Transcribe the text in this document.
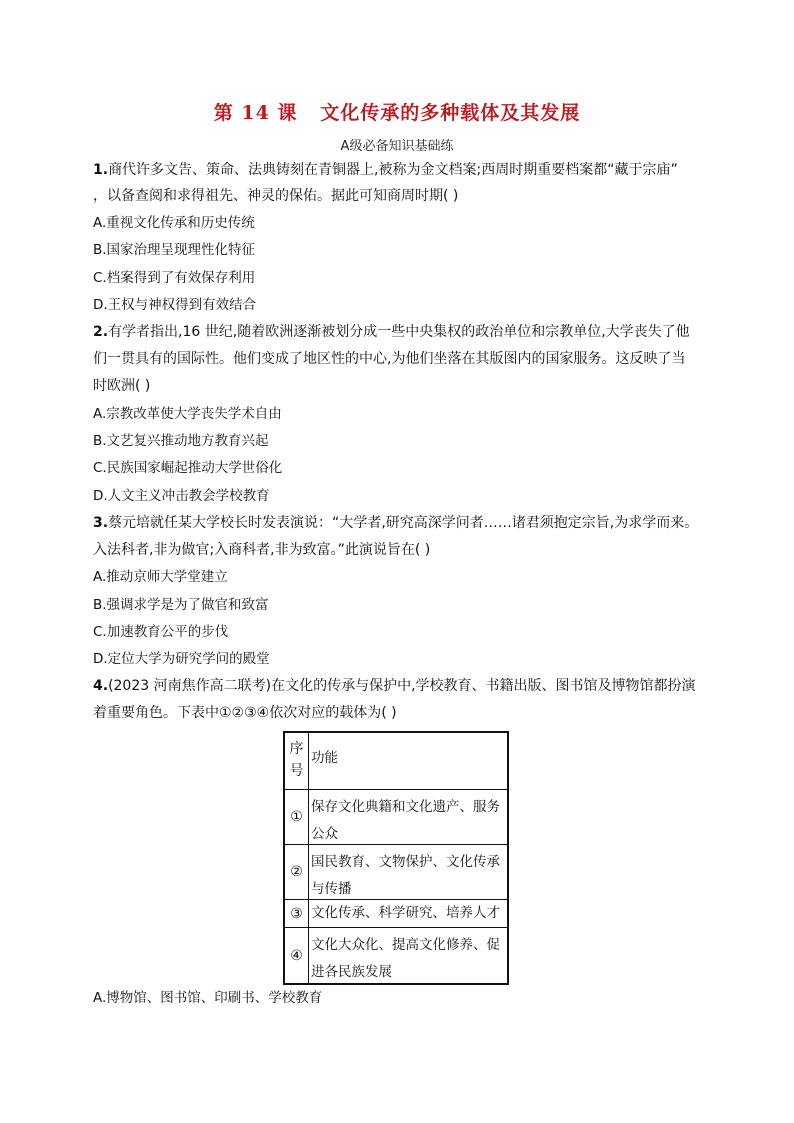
第 14 课   文化传承的多种载体及其发展
A级必备知识基础练
1.商代许多文告、策命、法典铸刻在青铜器上,被称为金文档案;西周时期重要档案都“藏于宗庙”
，以备查阅和求得祖先、神灵的保佑。据此可知商周时期( )
A.重视文化传承和历史传统
B.国家治理呈现理性化特征
C.档案得到了有效保存利用
D.王权与神权得到有效结合
2.有学者指出,16 世纪,随着欧洲逐渐被划分成一些中央集权的政治单位和宗教单位,大学丧失了他
们一贯具有的国际性。他们变成了地区性的中心,为他们坐落在其版图内的国家服务。这反映了当
时欧洲( )
A.宗教改革使大学丧失学术自由
B.文艺复兴推动地方教育兴起
C.民族国家崛起推动大学世俗化
D.人文主义冲击教会学校教育
3.蔡元培就任某大学校长时发表演说：“大学者,研究高深学问者……诸君须抱定宗旨,为求学而来。
入法科者,非为做官;入商科者,非为致富。”此演说旨在( )
A.推动京师大学堂建立
B.强调求学是为了做官和致富
C.加速教育公平的步伐
D.定位大学为研究学问的殿堂
4.(2023 河南焦作高二联考)在文化的传承与保护中,学校教育、书籍出版、图书馆及博物馆都扮演
着重要角色。下表中①②③④依次对应的载体为( )
序号
功能
①
保存文化典籍和文化遗产、服务公众
②
国民教育、文物保护、文化传承与传播
③ 文化传承、科学研究、培养人才
④
文化大众化、提高文化修养、促进各民族发展
A.博物馆、图书馆、印刷书、学校教育
